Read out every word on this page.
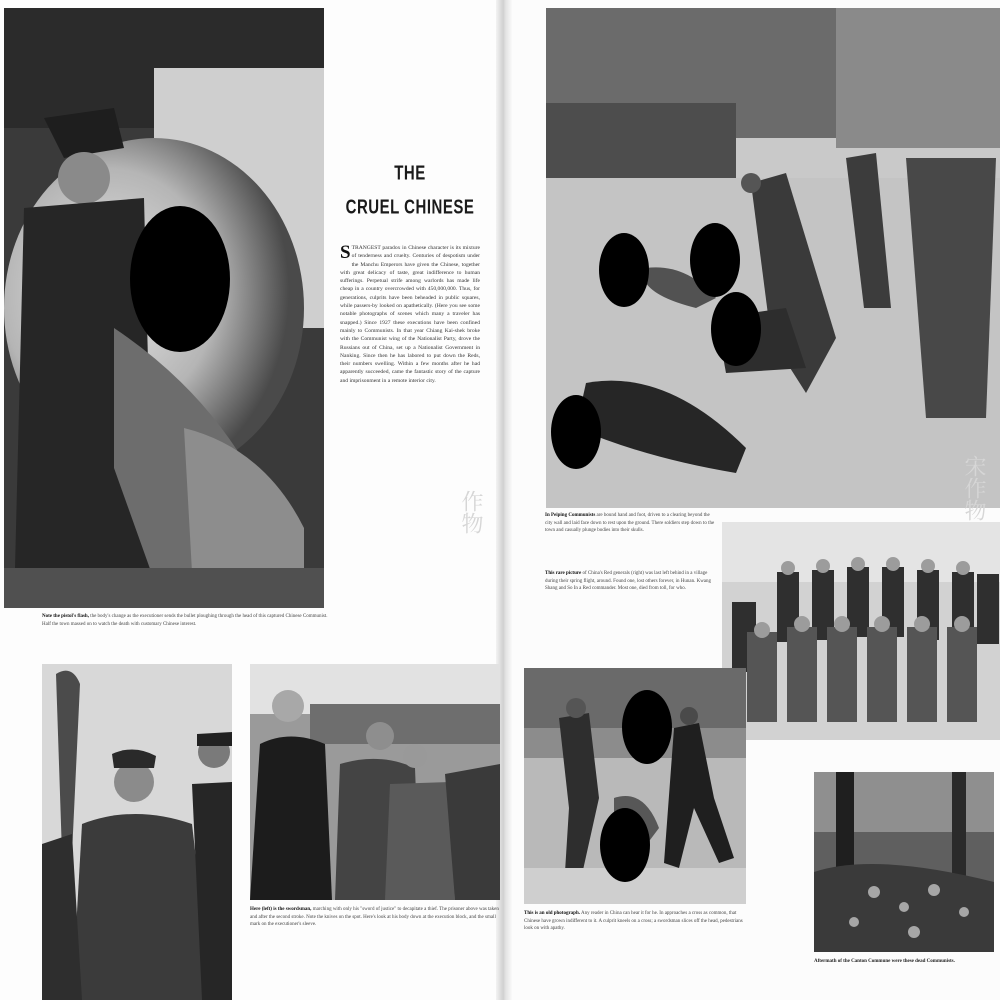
THE
CRUEL CHINESE
STRANGEST paradox in Chinese character is its mixture of tenderness and cruelty. Centuries of despotism under the Manchu Emperors have given the Chinese, together with great delicacy of taste, great indifference to human sufferings. Perpetual strife among warlords has made life cheap in a country overcrowded with 450,000,000. Thus, for generations, culprits have been beheaded in public squares, while passers-by looked on apathetically. (Here you see some notable photographs of scenes which many a traveler has snapped.) Since 1927 these executions have been confined mainly to Communists. In that year Chiang Kai-shek broke with the Communist wing of the Nationalist Party, drove the Russians out of China, set up a Nationalist Government in Nanking. Since then he has labored to put down the Reds, their numbers swelling. Within a few months after he had apparently succeeded, came the fantastic story of the capture and imprisonment in a remote interior city.
作物
Note the pistol's flash, the body's change as the executioner sends the bullet ploughing through the head of this captured Chinese Communist. Half the town massed on to watch the death with customary Chinese interest.
Here (left) is the swordsman, marching with only his "sword of justice" to decapitate a thief. The prisoner above was taken and after the second stroke. Note the knives on the spot. Here's look at his body down at the execution block, and the small mark on the executioner's sleeve.
宋作物
In Peiping Communists are bound hand and foot, driven to a clearing beyond the city wall and laid face down to rest upon the ground. There soldiers step down to the town and casually plunge bodies into their skulls.
This rare picture of China's Red generals (right) was last left behind in a village during their spring flight, around. Found one, lost others forever, in Hunan. Kwang Shang and So In a Red commander. Most one, died from toll, for who.
This is an old photograph. Any reader in China can hear it for he. In approaches a cross as common, that Chinese have grown indifferent to it. A culprit kneels on a cross; a swordsman slices off the head, pedestrians look on with apathy.
Aftermath of the Canton Commune were these dead Communists.
